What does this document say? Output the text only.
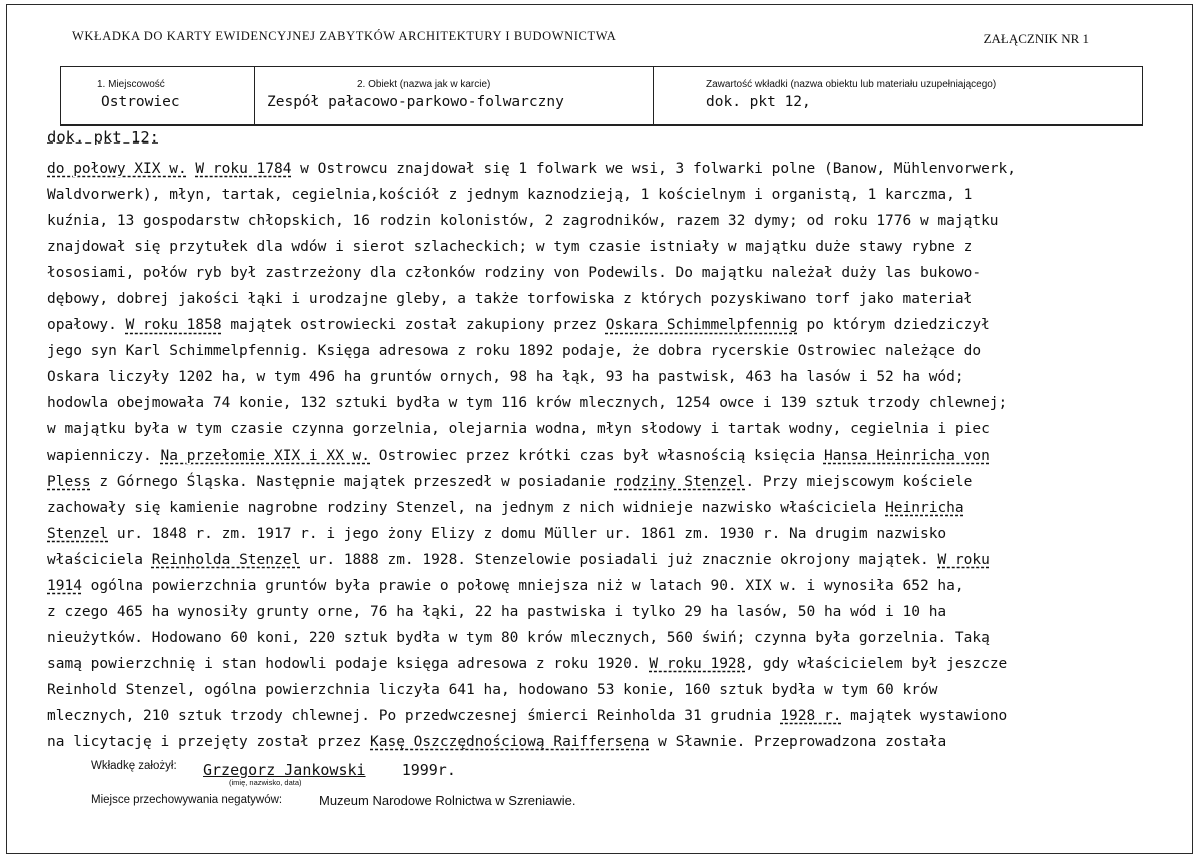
WKŁADKA DO KARTY EWIDENCYJNEJ ZABYTKÓW ARCHITEKTURY I BUDOWNICTWA	ZAŁĄCZNIK NR 1
1. Miejscowość
Ostrowiec
2. Obiekt (nazwa jak w karcie)
Zespół pałacowo-parkowo-folwarczny
Zawartość wkładki (nazwa obiektu lub materiału uzupełniającego)
dok. pkt 12,
dok. pkt 12:
do połowy XIX w. W roku 1784 w Ostrowcu znajdował się 1 folwark we wsi, 3 folwarki polne (Banow, Mühlenvorwerk,
Waldvorwerk), młyn, tartak, cegielnia,kościół z jednym kaznodzieją, 1 kościelnym i organistą, 1 karczma, 1
kuźnia, 13 gospodarstw chłopskich, 16 rodzin kolonistów, 2 zagrodników, razem 32 dymy; od roku 1776 w majątku
znajdował się przytułek dla wdów i sierot szlacheckich; w tym czasie istniały w majątku duże stawy rybne z
łososiami, połów ryb był zastrzeżony dla członków rodziny von Podewils. Do majątku należał duży las bukowo-
dębowy, dobrej jakości łąki i urodzajne gleby, a także torfowiska z których pozyskiwano torf jako materiał
opałowy. W roku 1858 majątek ostrowiecki został zakupiony przez Oskara Schimmelpfennig po którym dziedziczył
jego syn Karl Schimmelpfennig. Księga adresowa z roku 1892 podaje, że dobra rycerskie Ostrowiec należące do
Oskara liczyły 1202 ha, w tym 496 ha gruntów ornych, 98 ha łąk, 93 ha pastwisk, 463 ha lasów i 52 ha wód;
hodowla obejmowała 74 konie, 132 sztuki bydła w tym 116 krów mlecznych, 1254 owce i 139 sztuk trzody chlewnej;
w majątku była w tym czasie czynna gorzelnia, olejarnia wodna, młyn słodowy i tartak wodny, cegielnia i piec
wapienniczy. Na przełomie XIX i XX w. Ostrowiec przez krótki czas był własnością księcia Hansa Heinricha von
Pless z Górnego Śląska. Następnie majątek przeszedł w posiadanie rodziny Stenzel. Przy miejscowym kościele
zachowały się kamienie nagrobne rodziny Stenzel, na jednym z nich widnieje nazwisko właściciela Heinricha
Stenzel ur. 1848 r. zm. 1917 r. i jego żony Elizy z domu Müller ur. 1861 zm. 1930 r. Na drugim nazwisko
właściciela Reinholda Stenzel ur. 1888 zm. 1928. Stenzelowie posiadali już znacznie okrojony majątek. W roku
1914 ogólna powierzchnia gruntów była prawie o połowę mniejsza niż w latach 90. XIX w. i wynosiła 652 ha,
z czego 465 ha wynosiły grunty orne, 76 ha łąki, 22 ha pastwiska i tylko 29 ha lasów, 50 ha wód i 10 ha
nieużytków. Hodowano 60 koni, 220 sztuk bydła w tym 80 krów mlecznych, 560 świń; czynna była gorzelnia. Taką
samą powierzchnię i stan hodowli podaje księga adresowa z roku 1920. W roku 1928, gdy właścicielem był jeszcze
Reinhold Stenzel, ogólna powierzchnia liczyła 641 ha, hodowano 53 konie, 160 sztuk bydła w tym 60 krów
mlecznych, 210 sztuk trzody chlewnej. Po przedwczesnej śmierci Reinholda 31 grudnia 1928 r. majątek wystawiono
na licytację i przejęty został przez Kasę Oszczędnościową Raiffersena w Sławnie. Przeprowadzona została
Wkładkę założył: Grzegorz Jankowski 1999r.
(imię, nazwisko, data)
Miejsce przechowywania negatywów:	Muzeum Narodowe Rolnictwa w Szreniawie.
